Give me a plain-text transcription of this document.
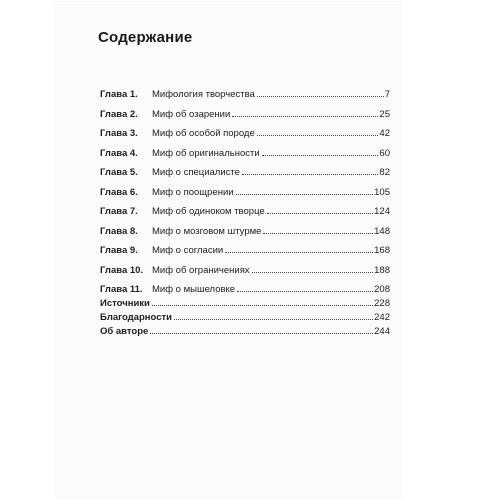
Содержание
Глава 1.	Мифология творчества	7
Глава 2.	Миф об озарении	25
Глава 3.	Миф об особой породе	42
Глава 4.	Миф об оригинальности	60
Глава 5.	Миф о специалисте	82
Глава 6.	Миф о поощрении	105
Глава 7.	Миф об одиноком творце	124
Глава 8.	Миф о мозговом штурме	148
Глава 9.	Миф о согласии	168
Глава 10. Миф об ограничениях	188
Глава 11. Миф о мышеловке	208
Источники	228
Благодарности	242
Об авторе	244
